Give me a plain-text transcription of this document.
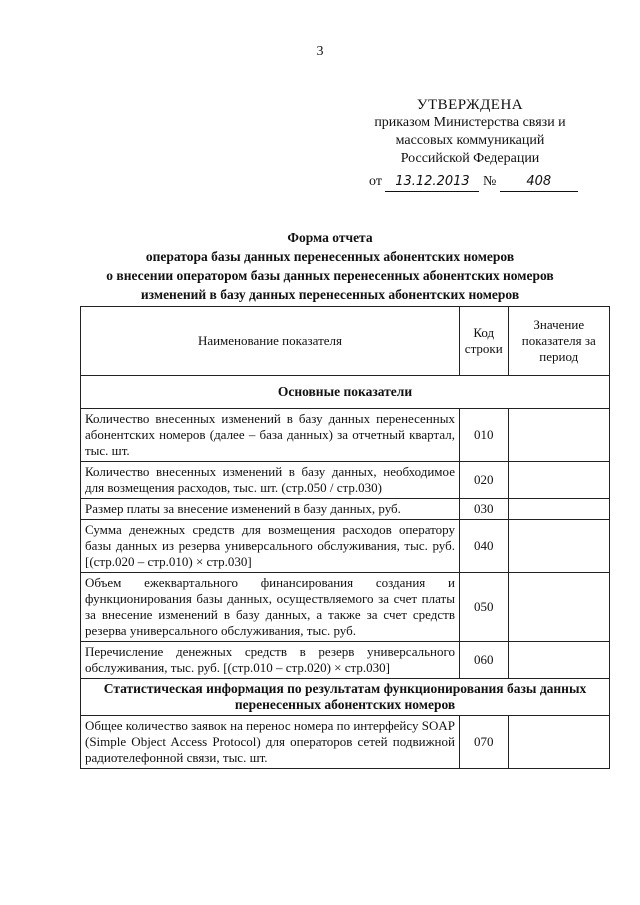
3
УТВЕРЖДЕНА
приказом Министерства связи и
массовых коммуникаций
Российской Федерации
от 13.12.2013 № 408
Форма отчета
оператора базы данных перенесенных абонентских номеров
о внесении оператором базы данных перенесенных абонентских номеров
изменений в базу данных перенесенных абонентских номеров
Наименование показателя	Код строки	Значение показателя за период
Основные показатели		
Количество внесенных изменений в базу данных перенесенных абонентских номеров (далее – база данных) за отчетный квартал, тыс. шт.	010	
Количество внесенных изменений в базу данных, необходимое для возмещения расходов, тыс. шт. (стр.050 / стр.030)	020	
Размер платы за внесение изменений в базу данных, руб.	030	
Сумма денежных средств для возмещения расходов оператору базы данных из резерва универсального обслуживания, тыс. руб. [(стр.020 – стр.010) × стр.030]	040	
Объем ежеквартального финансирования создания и функционирования базы данных, осуществляемого за счет платы за внесение изменений в базу данных, а также за счет средств резерва универсального обслуживания, тыс. руб.	050	
Перечисление денежных средств в резерв универсального обслуживания, тыс. руб. [(стр.010 – стр.020) × стр.030]	060	
Статистическая информация по результатам функционирования базы данных перенесенных абонентских номеров		
Общее количество заявок на перенос номера по интерфейсу SOAP (Simple Object Access Protocol) для операторов сетей подвижной радиотелефонной связи, тыс. шт.	070	
